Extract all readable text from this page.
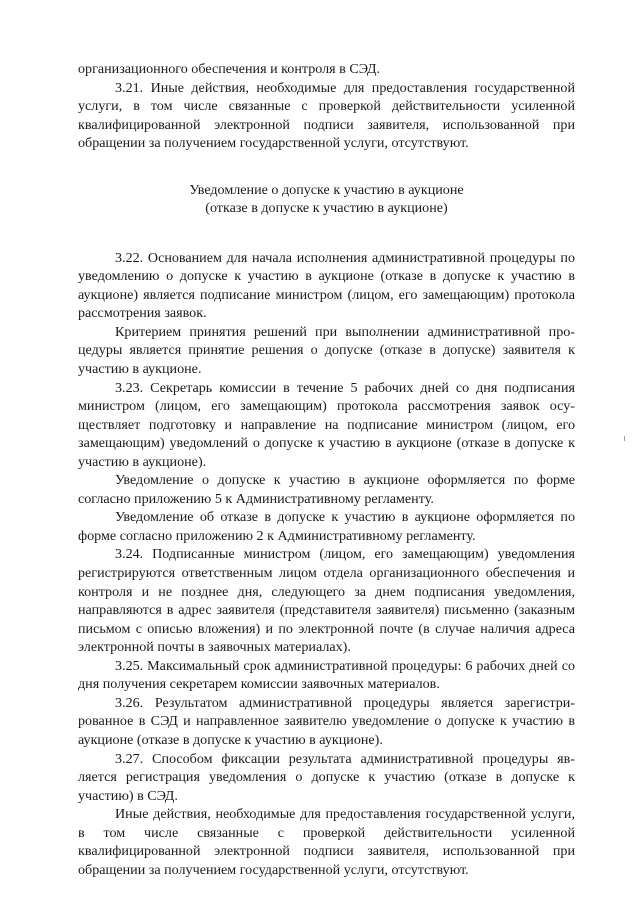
организационного обеспечения и контроля в СЭД.

3.21. Иные действия, необходимые для предоставления государственной услуги, в том числе связанные с проверкой действительности усиленной квалифицированной электронной подписи заявителя, использованной при обращении за получением государственной услуги, отсутствуют.

Уведомление о допуске к участию в аукционе
(отказе в допуске к участию в аукционе)

3.22. Основанием для начала исполнения административной процедуры по уведомлению о допуске к участию в аукционе (отказе в допуске к участию в аукционе) является подписание министром (лицом, его замещающим) протокола рассмотрения заявок.

Критерием принятия решений при выполнении административной процедуры является принятие решения о допуске (отказе в допуске) заявителя к участию в аукционе.

3.23. Секретарь комиссии в течение 5 рабочих дней со дня подписания министром (лицом, его замещающим) протокола рассмотрения заявок осуществляет подготовку и направление на подписание министром (лицом, его замещающим) уведомлений о допуске к участию в аукционе (отказе в допуске к участию в аукционе).

Уведомление о допуске к участию в аукционе оформляется по форме согласно приложению 5 к Административному регламенту.

Уведомление об отказе в допуске к участию в аукционе оформляется по форме согласно приложению 2 к Административному регламенту.

3.24. Подписанные министром (лицом, его замещающим) уведомления регистрируются ответственным лицом отдела организационного обеспечения и контроля и не позднее дня, следующего за днем подписания уведомления, направляются в адрес заявителя (представителя заявителя) письменно (заказным письмом с описью вложения) и по электронной почте (в случае наличия адреса электронной почты в заявочных материалах).

3.25. Максимальный срок административной процедуры: 6 рабочих дней со дня получения секретарем комиссии заявочных материалов.

3.26. Результатом административной процедуры является зарегистрированное в СЭД и направленное заявителю уведомление о допуске к участию в аукционе (отказе в допуске к участию в аукционе).

3.27. Способом фиксации результата административной процедуры является регистрация уведомления о допуске к участию (отказе в допуске к участию) в СЭД.

Иные действия, необходимые для предоставления государственной услуги, в том числе связанные с проверкой действительности усиленной квалифицированной электронной подписи заявителя, использованной при обращении за получением государственной услуги, отсутствуют.
